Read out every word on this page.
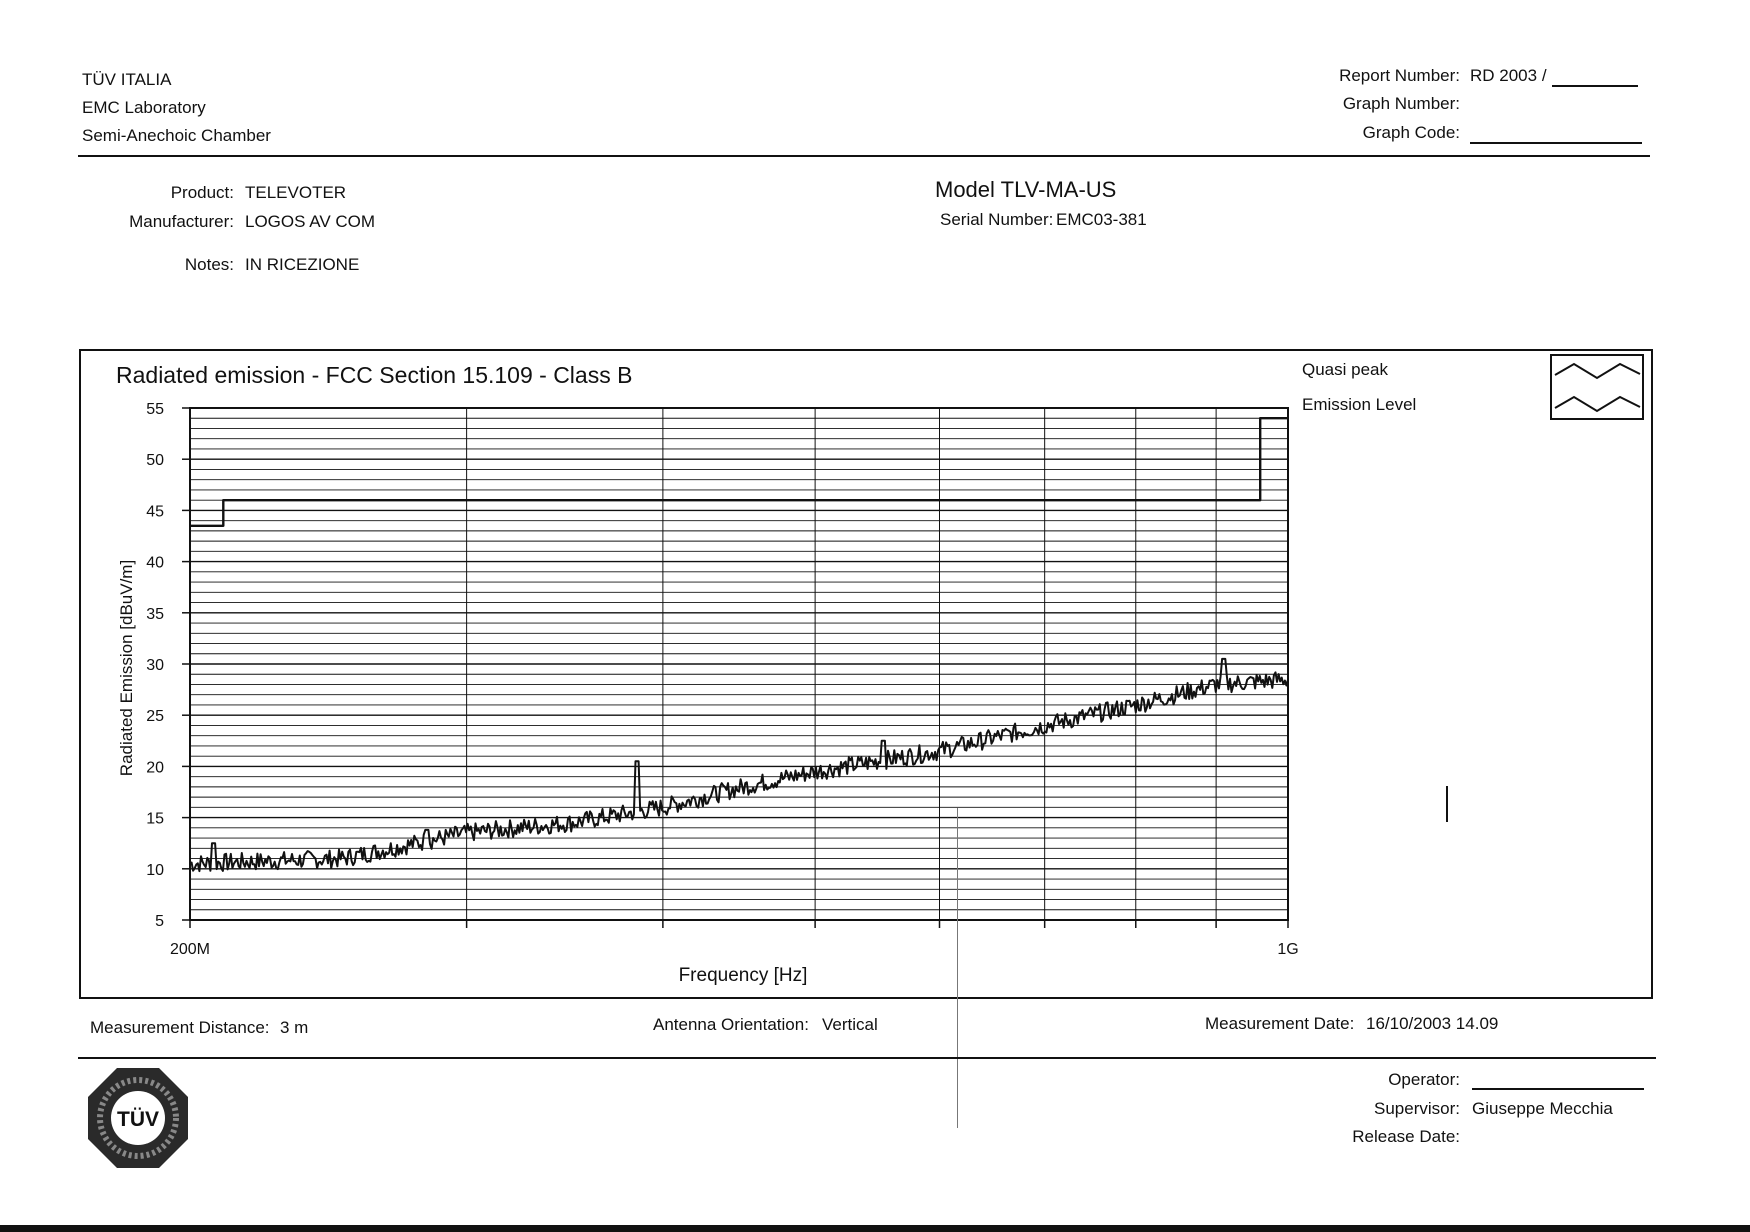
TÜV ITALIA
EMC Laboratory
Semi-Anechoic Chamber
Report Number: RD 2003 /
Graph Number:
Graph Code:
Product: TELEVOTER
Manufacturer: LOGOS AV COM
Notes: IN RICEZIONE
Model TLV-MA-US
Serial Number: EMC03-381
Radiated emission - FCC Section 15.109 - Class B
55
50
45
40
35
30
25
20
15
10
5
200M	1G
Frequency [Hz]
Radiated Emission [dBuV/m]
Quasi peak
Emission Level
Measurement Distance: 3 m	Antenna Orientation: Vertical	Measurement Date: 16/10/2003 14.09
Operator:
Supervisor: Giuseppe Mecchia
Release Date:
TÜV
